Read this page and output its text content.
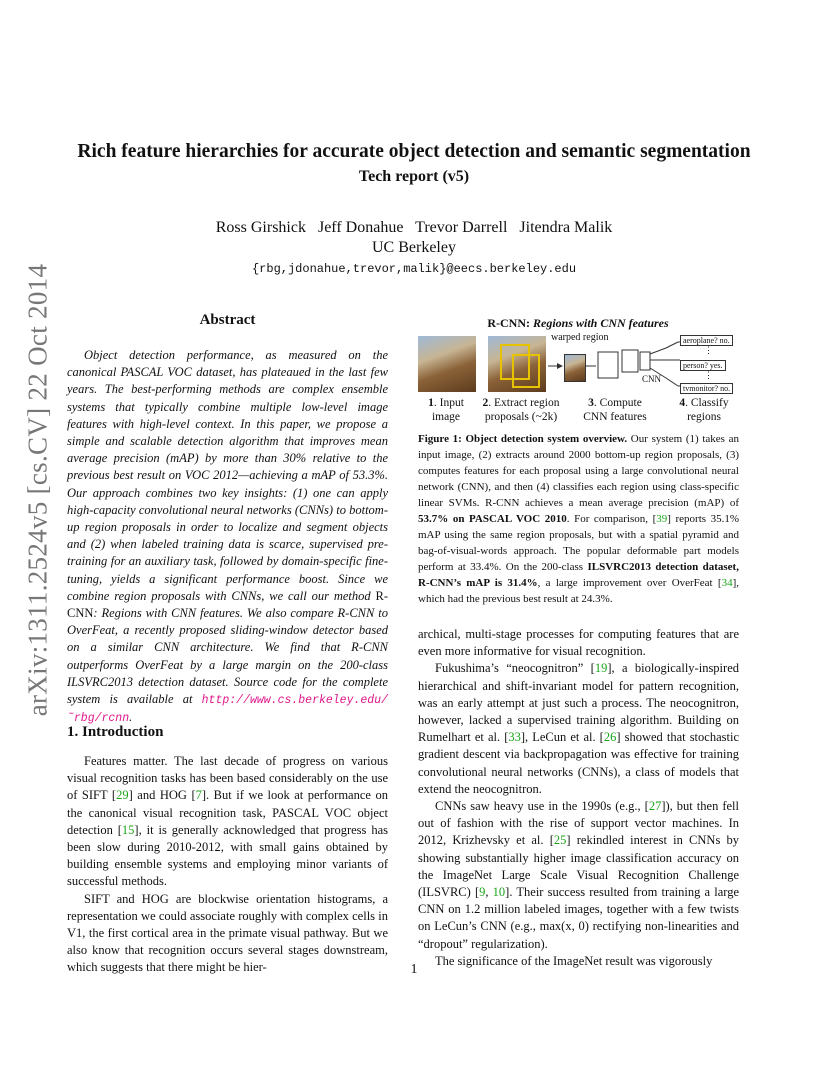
arXiv:1311.2524v5 [cs.CV] 22 Oct 2014
Rich feature hierarchies for accurate object detection and semantic segmentation
Tech report (v5)
Ross Girshick   Jeff Donahue   Trevor Darrell   Jitendra Malik
UC Berkeley
{rbg,jdonahue,trevor,malik}@eecs.berkeley.edu
Abstract
Object detection performance, as measured on the canonical PASCAL VOC dataset, has plateaued in the last few years. The best-performing methods are complex ensemble systems that typically combine multiple low-level image features with high-level context. In this paper, we propose a simple and scalable detection algorithm that improves mean average precision (mAP) by more than 30% relative to the previous best result on VOC 2012—achieving a mAP of 53.3%. Our approach combines two key insights: (1) one can apply high-capacity convolutional neural networks (CNNs) to bottom-up region proposals in order to localize and segment objects and (2) when labeled training data is scarce, supervised pre-training for an auxiliary task, followed by domain-specific fine-tuning, yields a significant performance boost. Since we combine region proposals with CNNs, we call our method R-CNN: Regions with CNN features. We also compare R-CNN to OverFeat, a recently proposed sliding-window detector based on a similar CNN architecture. We find that R-CNN outperforms OverFeat by a large margin on the 200-class ILSVRC2013 detection dataset. Source code for the complete system is available at http://www.cs.berkeley.edu/˜rbg/rcnn.
1. Introduction

Features matter. The last decade of progress on various visual recognition tasks has been based considerably on the use of SIFT [29] and HOG [7]. But if we look at performance on the canonical visual recognition task, PASCAL VOC object detection [15], it is generally acknowledged that progress has been slow during 2010-2012, with small gains obtained by building ensemble systems and employing minor variants of successful methods.

SIFT and HOG are blockwise orientation histograms, a representation we could associate roughly with complex cells in V1, the first cortical area in the primate visual pathway. But we also know that recognition occurs several stages downstream, which suggests that there might be hier-

R-CNN: Regions with CNN features
warped region
CNN
aeroplane? no.
⋮
person? yes.
⋮
tvmonitor? no.
1. Input
image
2. Extract region
proposals (~2k)
3. Compute
CNN features
4. Classify
regions
Figure 1: Object detection system overview. Our system (1) takes an input image, (2) extracts around 2000 bottom-up region proposals, (3) computes features for each proposal using a large convolutional neural network (CNN), and then (4) classifies each region using class-specific linear SVMs. R-CNN achieves a mean average precision (mAP) of 53.7% on PASCAL VOC 2010. For comparison, [39] reports 35.1% mAP using the same region proposals, but with a spatial pyramid and bag-of-visual-words approach. The popular deformable part models perform at 33.4%. On the 200-class ILSVRC2013 detection dataset, R-CNN’s mAP is 31.4%, a large improvement over OverFeat [34], which had the previous best result at 24.3%.

archical, multi-stage processes for computing features that are even more informative for visual recognition.

Fukushima’s “neocognitron” [19], a biologically-inspired hierarchical and shift-invariant model for pattern recognition, was an early attempt at just such a process. The neocognitron, however, lacked a supervised training algorithm. Building on Rumelhart et al. [33], LeCun et al. [26] showed that stochastic gradient descent via backpropagation was effective for training convolutional neural networks (CNNs), a class of models that extend the neocognitron.

CNNs saw heavy use in the 1990s (e.g., [27]), but then fell out of fashion with the rise of support vector machines. In 2012, Krizhevsky et al. [25] rekindled interest in CNNs by showing substantially higher image classification accuracy on the ImageNet Large Scale Visual Recognition Challenge (ILSVRC) [9, 10]. Their success resulted from training a large CNN on 1.2 million labeled images, together with a few twists on LeCun’s CNN (e.g., max(x, 0) rectifying non-linearities and “dropout” regularization).

The significance of the ImageNet result was vigorously

1
